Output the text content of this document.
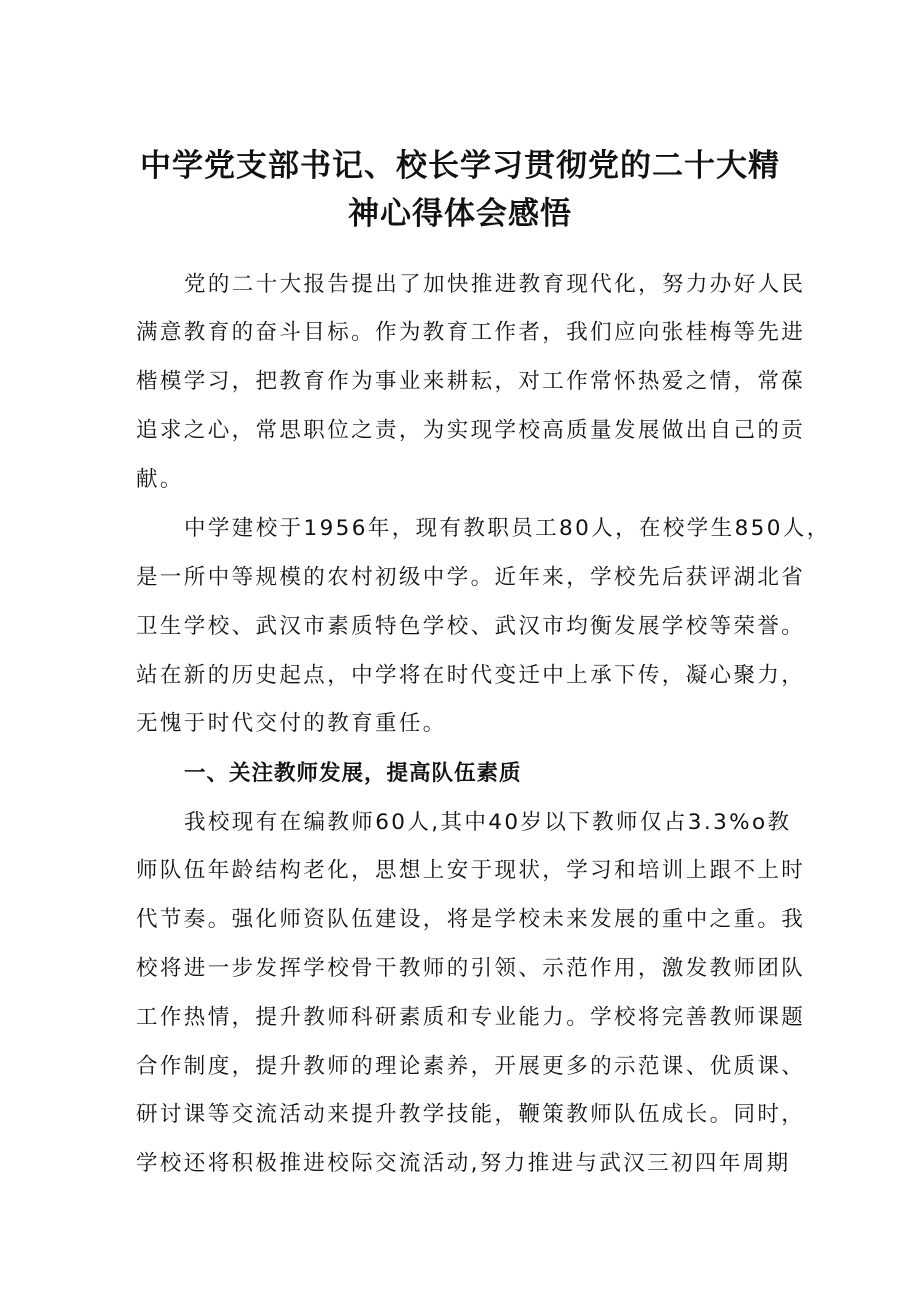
中学党支部书记、校长学习贯彻党的二十大精

神心得体会感悟

党的二十大报告提出了加快推进教育现代化，努力办好人民

满意教育的奋斗目标。作为教育工作者，我们应向张桂梅等先进

楷模学习，把教育作为事业来耕耘，对工作常怀热爱之情，常葆

追求之心，常思职位之责，为实现学校高质量发展做出自己的贡

献。

中学建校于1956年，现有教职员工80人，在校学生850人，

是一所中等规模的农村初级中学。近年来，学校先后获评湖北省

卫生学校、武汉市素质特色学校、武汉市均衡发展学校等荣誉。

站在新的历史起点，中学将在时代变迁中上承下传，凝心聚力，

无愧于时代交付的教育重任。

一、关注教师发展，提高队伍素质

我校现有在编教师60人,其中40岁以下教师仅占3.3%o教

师队伍年龄结构老化，思想上安于现状，学习和培训上跟不上时

代节奏。强化师资队伍建设，将是学校未来发展的重中之重。我

校将进一步发挥学校骨干教师的引领、示范作用，激发教师团队

工作热情，提升教师科研素质和专业能力。学校将完善教师课题

合作制度，提升教师的理论素养，开展更多的示范课、优质课、

研讨课等交流活动来提升教学技能，鞭策教师队伍成长。同时，

学校还将积极推进校际交流活动,努力推进与武汉三初四年周期
